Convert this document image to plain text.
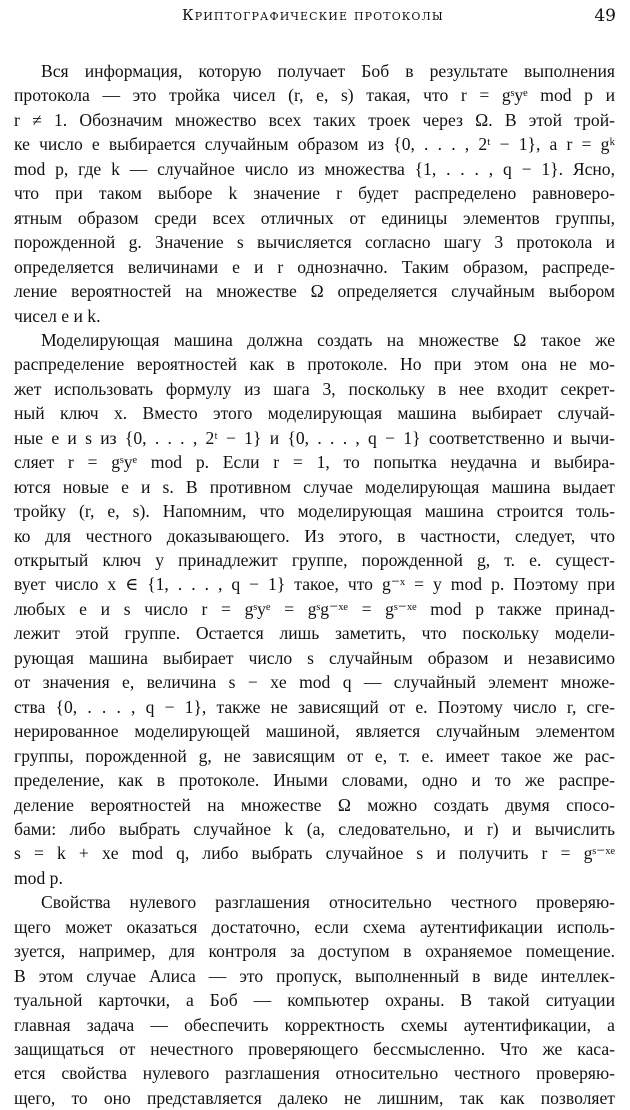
Криптографические протоколы	49
Вся информация, которую получает Боб в результате выполнения
протокола — это тройка чисел (r, e, s) такая, что r = gˢyᵉ mod p и
r ≠ 1. Обозначим множество всех таких троек через Ω. В этой трой-
ке число e выбирается случайным образом из {0, . . . , 2ᵗ − 1}, а r = gᵏ
mod p, где k — случайное число из множества {1, . . . , q − 1}. Ясно,
что при таком выборе k значение r будет распределено равноверо-
ятным образом среди всех отличных от единицы элементов группы,
порожденной g. Значение s вычисляется согласно шагу 3 протокола и
определяется величинами e и r однозначно. Таким образом, распреде-
ление вероятностей на множестве Ω определяется случайным выбором
чисел e и k.
Моделирующая машина должна создать на множестве Ω такое же
распределение вероятностей как в протоколе. Но при этом она не мо-
жет использовать формулу из шага 3, поскольку в нее входит секрет-
ный ключ x. Вместо этого моделирующая машина выбирает случай-
ные e и s из {0, . . . , 2ᵗ − 1} и {0, . . . , q − 1} соответственно и вычи-
сляет r = gˢyᵉ mod p. Если r = 1, то попытка неудачна и выбира-
ются новые e и s. В противном случае моделирующая машина выдает
тройку (r, e, s). Напомним, что моделирующая машина строится толь-
ко для честного доказывающего. Из этого, в частности, следует, что
открытый ключ y принадлежит группе, порожденной g, т. е. сущест-
вует число x ∈ {1, . . . , q − 1} такое, что g⁻ˣ = y mod p. Поэтому при
любых e и s число r = gˢyᵉ = gˢg⁻ˣᵉ = gˢ⁻ˣᵉ mod p также принад-
лежит этой группе. Остается лишь заметить, что поскольку модели-
рующая машина выбирает число s случайным образом и независимо
от значения e, величина s − xe mod q — случайный элемент множе-
ства {0, . . . , q − 1}, также не зависящий от e. Поэтому число r, сге-
нерированное моделирующей машиной, является случайным элементом
группы, порожденной g, не зависящим от e, т. е. имеет такое же рас-
пределение, как в протоколе. Иными словами, одно и то же распре-
деление вероятностей на множестве Ω можно создать двумя спосо-
бами: либо выбрать случайное k (а, следовательно, и r) и вычислить
s = k + xe mod q, либо выбрать случайное s и получить r = gˢ⁻ˣᵉ
mod p.
Свойства нулевого разглашения относительно честного проверяю-
щего может оказаться достаточно, если схема аутентификации исполь-
зуется, например, для контроля за доступом в охраняемое помещение.
В этом случае Алиса — это пропуск, выполненный в виде интеллек-
туальной карточки, а Боб — компьютер охраны. В такой ситуации
главная задача — обеспечить корректность схемы аутентификации, а
защищаться от нечестного проверяющего бессмысленно. Что же каса-
ется свойства нулевого разглашения относительно честного проверяю-
щего, то оно представляется далеко не лишним, так как позволяет
